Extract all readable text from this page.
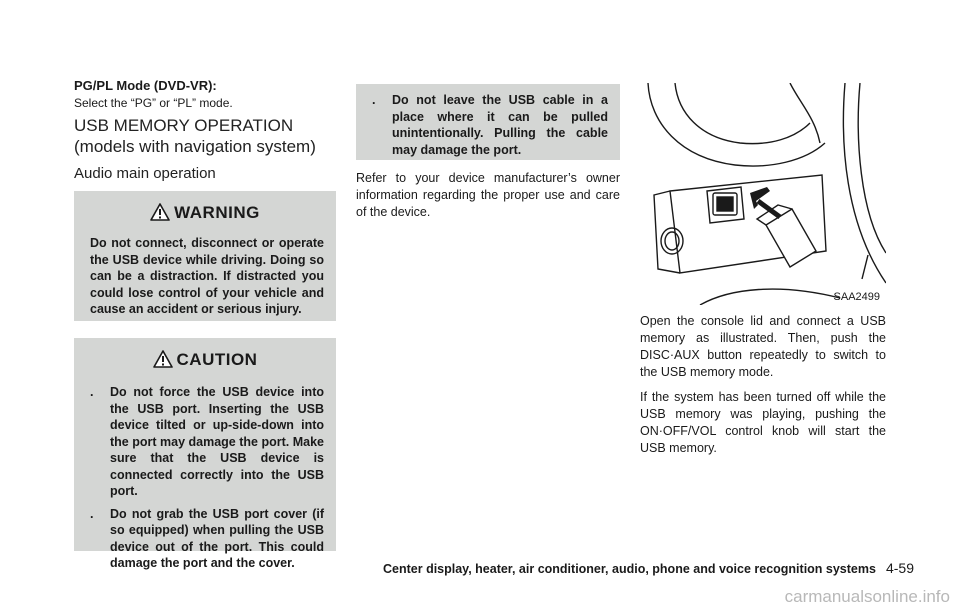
PG/PL Mode (DVD-VR):

Select the “PG” or “PL” mode.

USB MEMORY OPERATION (models with navigation system)
Audio main operation
WARNING
Do not connect, disconnect or operate the USB device while driving. Doing so can be a distraction. If distracted you could lose control of your vehicle and cause an accident or serious injury.
CAUTION
. Do not force the USB device into the USB port. Inserting the USB device tilted or up-side-down into the port may damage the port. Make sure that the USB device is connected correctly into the USB port.
. Do not grab the USB port cover (if so equipped) when pulling the USB device out of the port. This could damage the port and the cover.
. Do not leave the USB cable in a place where it can be pulled unintentionally. Pulling the cable may damage the port.

Refer to your device manufacturer’s owner information regarding the proper use and care of the device.

SAA2499

Open the console lid and connect a USB memory as illustrated. Then, push the DISC·AUX button repeatedly to switch to the USB memory mode.

If the system has been turned off while the USB memory was playing, pushing the ON·OFF/VOL control knob will start the USB memory.

Center display, heater, air conditioner, audio, phone and voice recognition systems 4-59
carmanualsonline.info
